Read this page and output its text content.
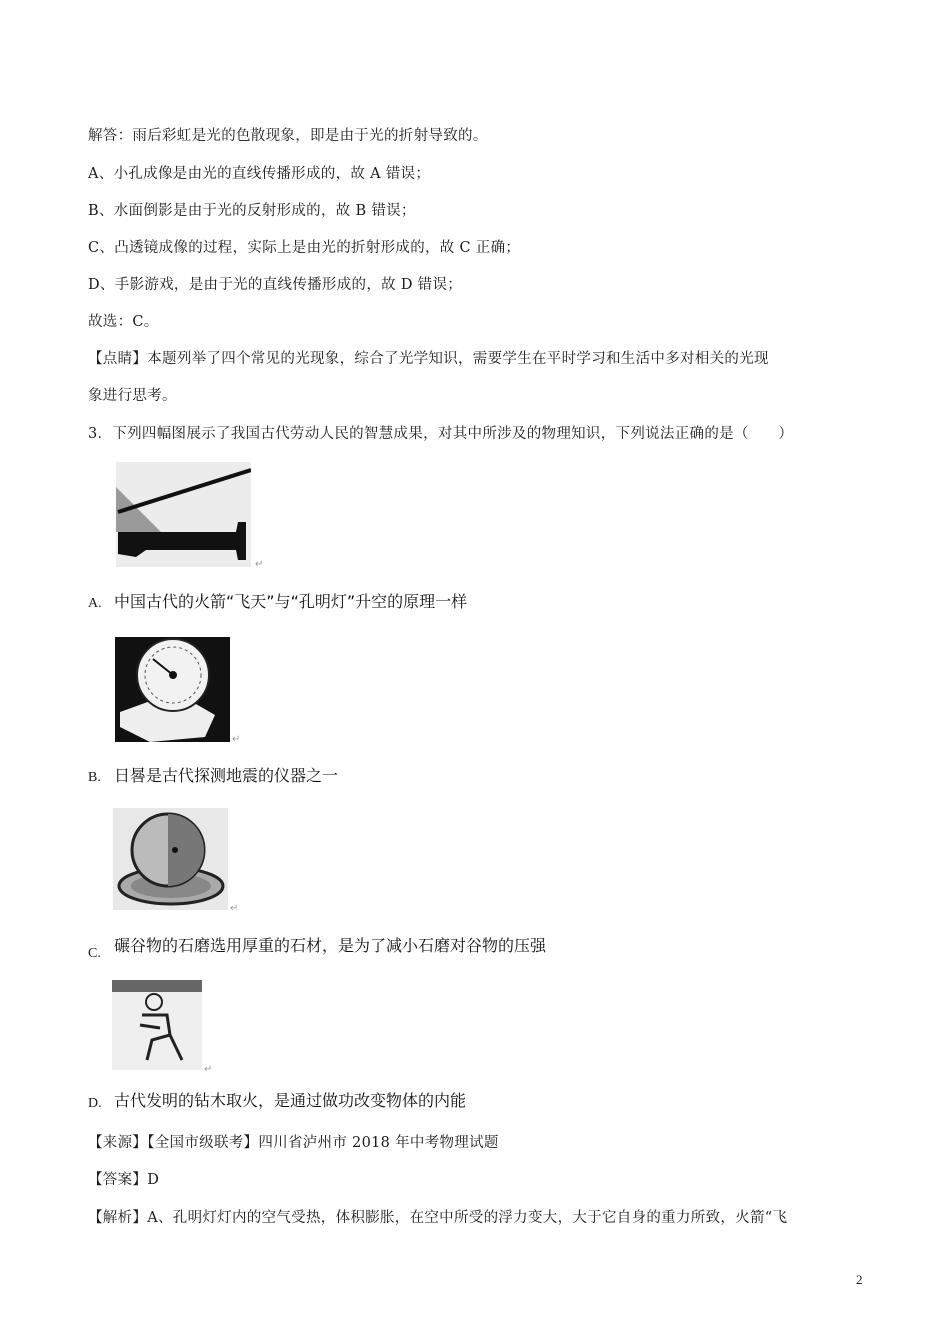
解答：雨后彩虹是光的色散现象，即是由于光的折射导致的。
A、小孔成像是由光的直线传播形成的，故 A 错误；
B、水面倒影是由于光的反射形成的，故 B 错误；
C、凸透镜成像的过程，实际上是由光的折射形成的，故 C 正确；
D、手影游戏，是由于光的直线传播形成的，故 D 错误；
故选：C。
【点睛】本题列举了四个常见的光现象，综合了光学知识，需要学生在平时学习和生活中多对相关的光现
象进行思考。
3．下列四幅图展示了我国古代劳动人民的智慧成果，对其中所涉及的物理知识，下列说法正确的是（　　）
↵
A. 中国古代的火箭“飞天”与“孔明灯”升空的原理一样
↵
B. 日晷是古代探测地震的仪器之一
↵
C. 碾谷物的石磨选用厚重的石材，是为了减小石磨对谷物的压强
↵
D. 古代发明的钻木取火，是通过做功改变物体的内能
【来源】【全国市级联考】四川省泸州市 2018 年中考物理试题
【答案】D
【解析】A、孔明灯灯内的空气受热，体积膨胀，在空中所受的浮力变大，大于它自身的重力所致，火箭“飞
2
